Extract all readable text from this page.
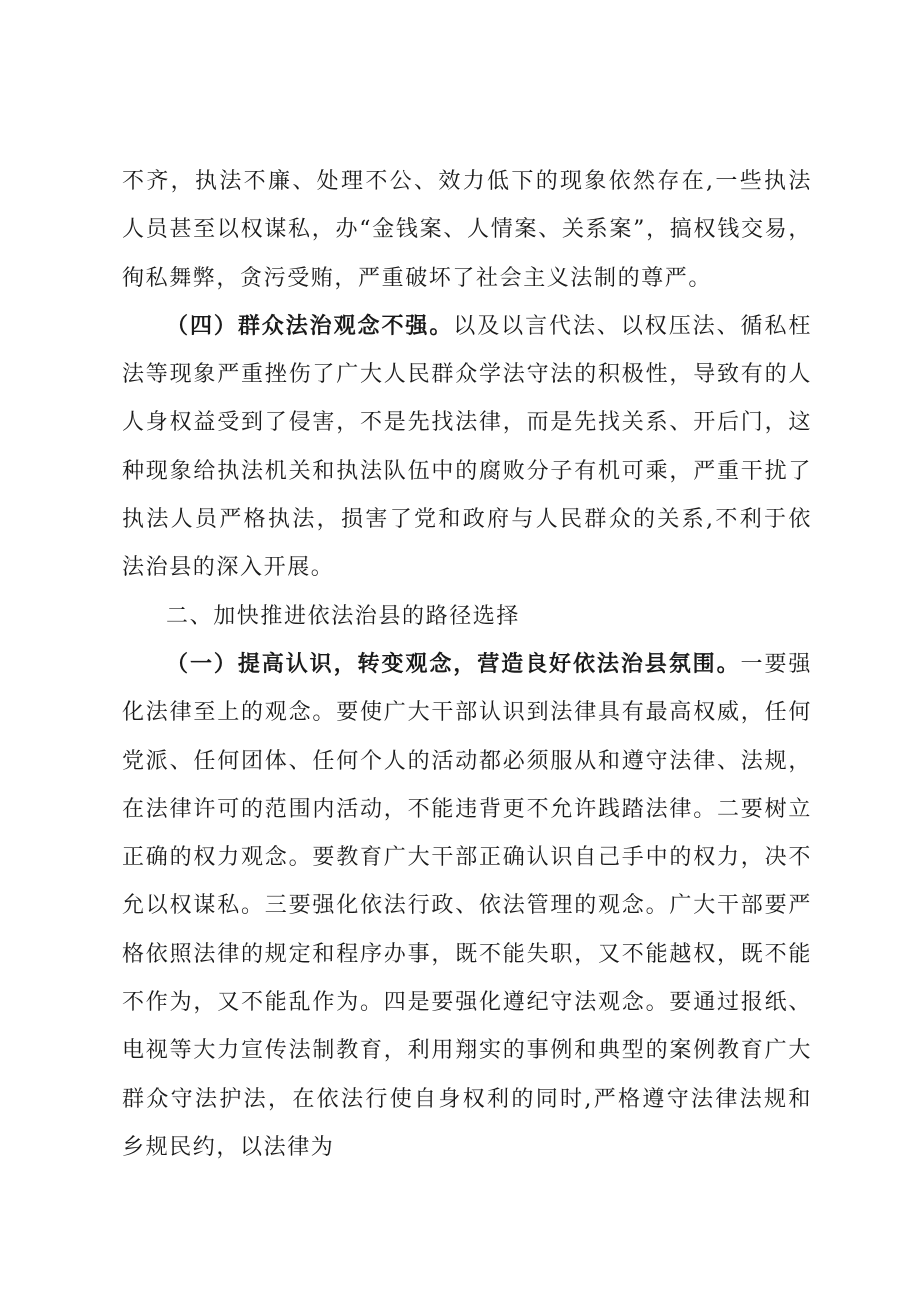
不齐，执法不廉、处理不公、效力低下的现象依然存在,一些执法人员甚至以权谋私，办“金钱案、人情案、关系案”，搞权钱交易，徇私舞弊，贪污受贿，严重破坏了社会主义法制的尊严。

（四）群众法治观念不强。以及以言代法、以权压法、循私枉法等现象严重挫伤了广大人民群众学法守法的积极性，导致有的人人身权益受到了侵害，不是先找法律，而是先找关系、开后门，这种现象给执法机关和执法队伍中的腐败分子有机可乘，严重干扰了执法人员严格执法，损害了党和政府与人民群众的关系,不利于依法治县的深入开展。

二、加快推进依法治县的路径选择

（一）提高认识，转变观念，营造良好依法治县氛围。一要强化法律至上的观念。要使广大干部认识到法律具有最高权威，任何党派、任何团体、任何个人的活动都必须服从和遵守法律、法规，在法律许可的范围内活动，不能违背更不允许践踏法律。二要树立正确的权力观念。要教育广大干部正确认识自己手中的权力，决不允以权谋私。三要强化依法行政、依法管理的观念。广大干部要严格依照法律的规定和程序办事，既不能失职，又不能越权，既不能不作为，又不能乱作为。四是要强化遵纪守法观念。要通过报纸、电视等大力宣传法制教育，利用翔实的事例和典型的案例教育广大群众守法护法，在依法行使自身权利的同时,严格遵守法律法规和乡规民约，以法律为
